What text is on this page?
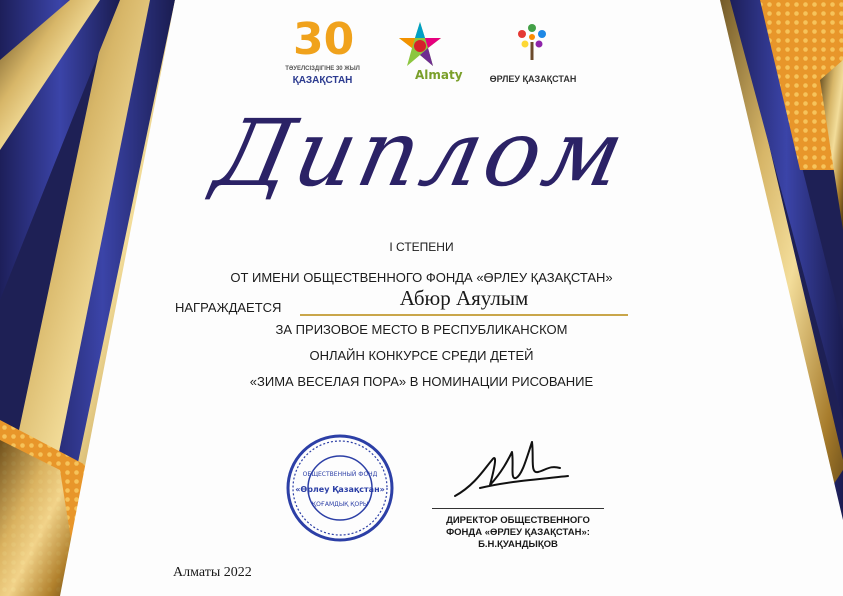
30
ТӘУЕЛСІЗДІГІНЕ 30 ЖЫЛ
ҚАЗАҚСТАН	Almaty	ӨРЛЕУ ҚАЗАҚСТАН
Диплом
I СТЕПЕНИ
ОТ ИМЕНИ ОБЩЕСТВЕННОГО ФОНДА «ӨРЛЕУ ҚАЗАҚСТАН»
НАГРАЖДАЕТСЯ	Абюр Аяулым
ЗА ПРИЗОВОЕ МЕСТО В РЕСПУБЛИКАНСКОМ
ОНЛАЙН КОНКУРСЕ СРЕДИ ДЕТЕЙ
«ЗИМА ВЕСЕЛАЯ ПОРА» В НОМИНАЦИИ РИСОВАНИЕ
ОБЩЕСТВЕННЫЙ ФОНД
«Өрлеу Қазақстан»
ҚОҒАМДЫҚ ҚОРЫ
ДИРЕКТОР ОБЩЕСТВЕННОГО
ФОНДА «ӨРЛЕУ ҚАЗАҚСТАН»:
Б.Н.ҚУАНДЫҚОВ
Алматы 2022
